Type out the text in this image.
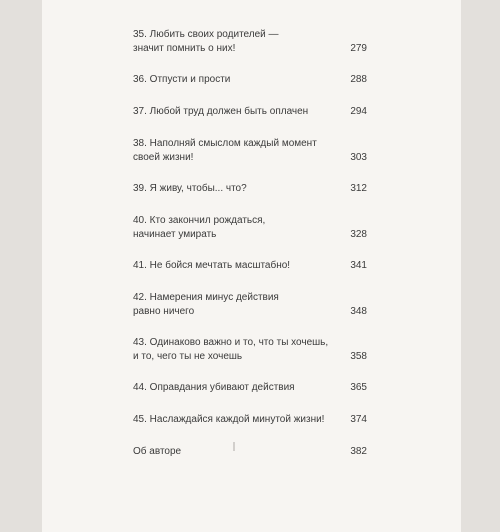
35. Любить своих родителей —
значит помнить о них!	279
36. Отпусти и прости	288
37. Любой труд должен быть оплачен	294
38. Наполняй смыслом каждый момент
своей жизни!	303
39. Я живу, чтобы... что?	312
40. Кто закончил рождаться,
начинает умирать	328
41. Не бойся мечтать масштабно!	341
42. Намерения минус действия
равно ничего	348
43. Одинаково важно и то, что ты хочешь,
и то, чего ты не хочешь	358
44. Оправдания убивают действия	365
45. Наслаждайся каждой минутой жизни!	374
Об авторе	382
